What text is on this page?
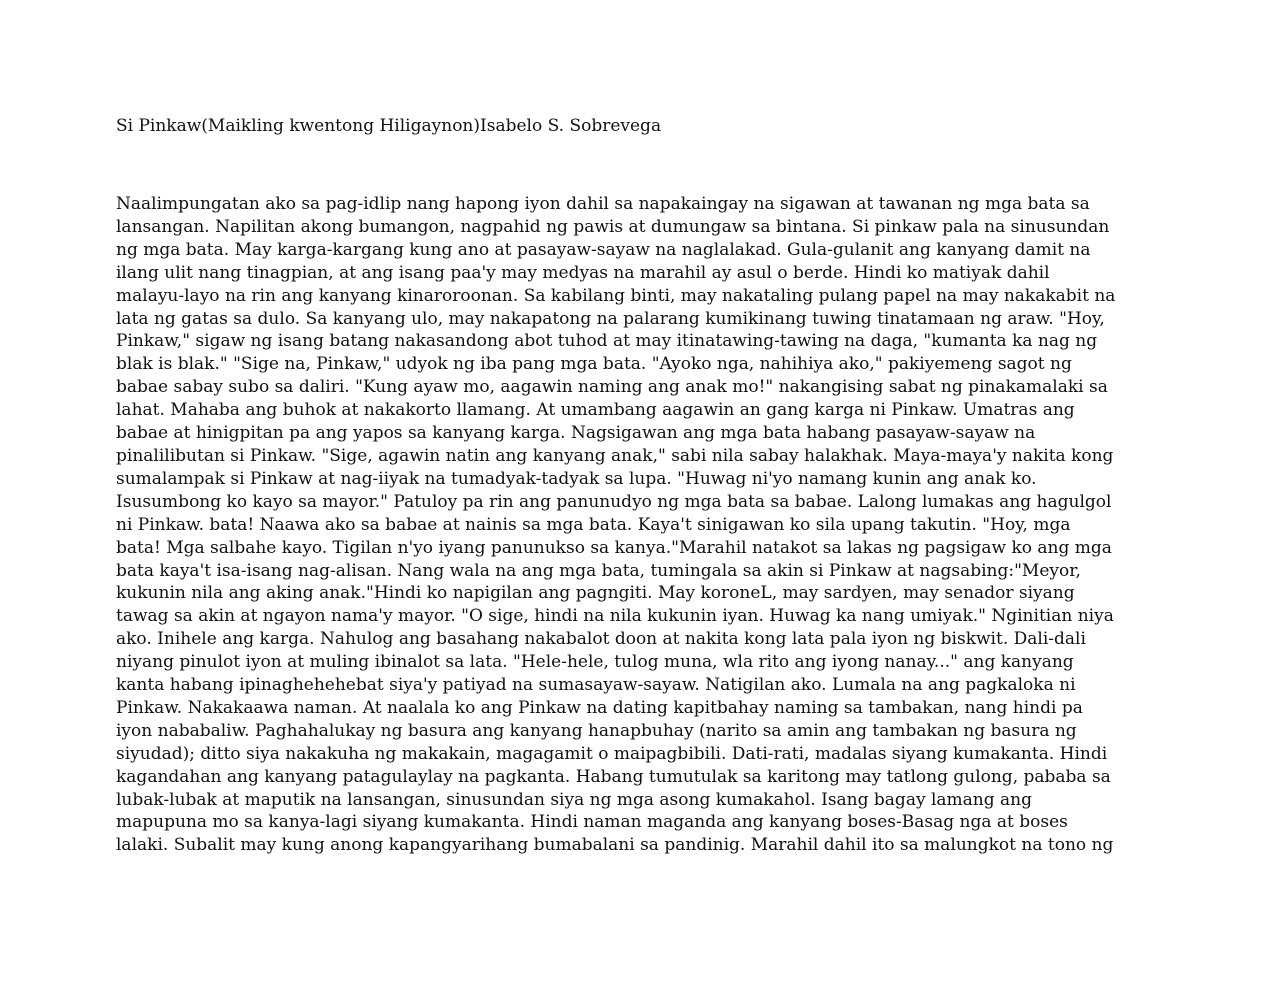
Si Pinkaw(Maikling kwentong Hiligaynon)Isabelo S. Sobrevega
Naalimpungatan ako sa pag-idlip nang hapong iyon dahil sa napakaingay na sigawan at tawanan ng mga bata sa
lansangan. Napilitan akong bumangon, nagpahid ng pawis at dumungaw sa bintana. Si pinkaw pala na sinusundan
ng mga bata. May karga-kargang kung ano at pasayaw-sayaw na naglalakad. Gula-gulanit ang kanyang damit na
ilang ulit nang tinagpian, at ang isang paa'y may medyas na marahil ay asul o berde. Hindi ko matiyak dahil
malayu-layo na rin ang kanyang kinaroroonan. Sa kabilang binti, may nakataling pulang papel na may nakakabit na
lata ng gatas sa dulo. Sa kanyang ulo, may nakapatong na palarang kumikinang tuwing tinatamaan ng araw. "Hoy,
Pinkaw," sigaw ng isang batang nakasandong abot tuhod at may itinatawing-tawing na daga, "kumanta ka nag ng
blak is blak." "Sige na, Pinkaw," udyok ng iba pang mga bata. "Ayoko nga, nahihiya ako," pakiyemeng sagot ng
babae sabay subo sa daliri. "Kung ayaw mo, aagawin naming ang anak mo!" nakangising sabat ng pinakamalaki sa
lahat. Mahaba ang buhok at nakakorto llamang. At umambang aagawin an gang karga ni Pinkaw. Umatras ang
babae at hinigpitan pa ang yapos sa kanyang karga. Nagsigawan ang mga bata habang pasayaw-sayaw na
pinalilibutan si Pinkaw. "Sige, agawin natin ang kanyang anak," sabi nila sabay halakhak. Maya-maya'y nakita kong
sumalampak si Pinkaw at nag-iiyak na tumadyak-tadyak sa lupa. "Huwag ni'yo namang kunin ang anak ko.
Isusumbong ko kayo sa mayor." Patuloy pa rin ang panunudyo ng mga bata sa babae. Lalong lumakas ang hagulgol
ni Pinkaw. bata! Naawa ako sa babae at nainis sa mga bata. Kaya't sinigawan ko sila upang takutin. "Hoy, mga
bata! Mga salbahe kayo. Tigilan n'yo iyang panunukso sa kanya."Marahil natakot sa lakas ng pagsigaw ko ang mga
bata kaya't isa-isang nag-alisan. Nang wala na ang mga bata, tumingala sa akin si Pinkaw at nagsabing:"Meyor,
kukunin nila ang aking anak."Hindi ko napigilan ang pagngiti. May koroneL, may sardyen, may senador siyang
tawag sa akin at ngayon nama'y mayor. "O sige, hindi na nila kukunin iyan. Huwag ka nang umiyak." Nginitian niya
ako. Inihele ang karga. Nahulog ang basahang nakabalot doon at nakita kong lata pala iyon ng biskwit. Dali-dali
niyang pinulot iyon at muling ibinalot sa lata. "Hele-hele, tulog muna, wla rito ang iyong nanay..." ang kanyang
kanta habang ipinaghehehebat siya'y patiyad na sumasayaw-sayaw. Natigilan ako. Lumala na ang pagkaloka ni
Pinkaw. Nakakaawa naman. At naalala ko ang Pinkaw na dating kapitbahay naming sa tambakan, nang hindi pa
iyon nababaliw. Paghahalukay ng basura ang kanyang hanapbuhay (narito sa amin ang tambakan ng basura ng
siyudad); ditto siya nakakuha ng makakain, magagamit o maipagbibili. Dati-rati, madalas siyang kumakanta. Hindi
kagandahan ang kanyang patagulaylay na pagkanta. Habang tumutulak sa karitong may tatlong gulong, pababa sa
lubak-lubak at maputik na lansangan, sinusundan siya ng mga asong kumakahol. Isang bagay lamang ang
mapupuna mo sa kanya-lagi siyang kumakanta. Hindi naman maganda ang kanyang boses-Basag nga at boses
lalaki. Subalit may kung anong kapangyarihang bumabalani sa pandinig. Marahil dahil ito sa malungkot na tono ng
